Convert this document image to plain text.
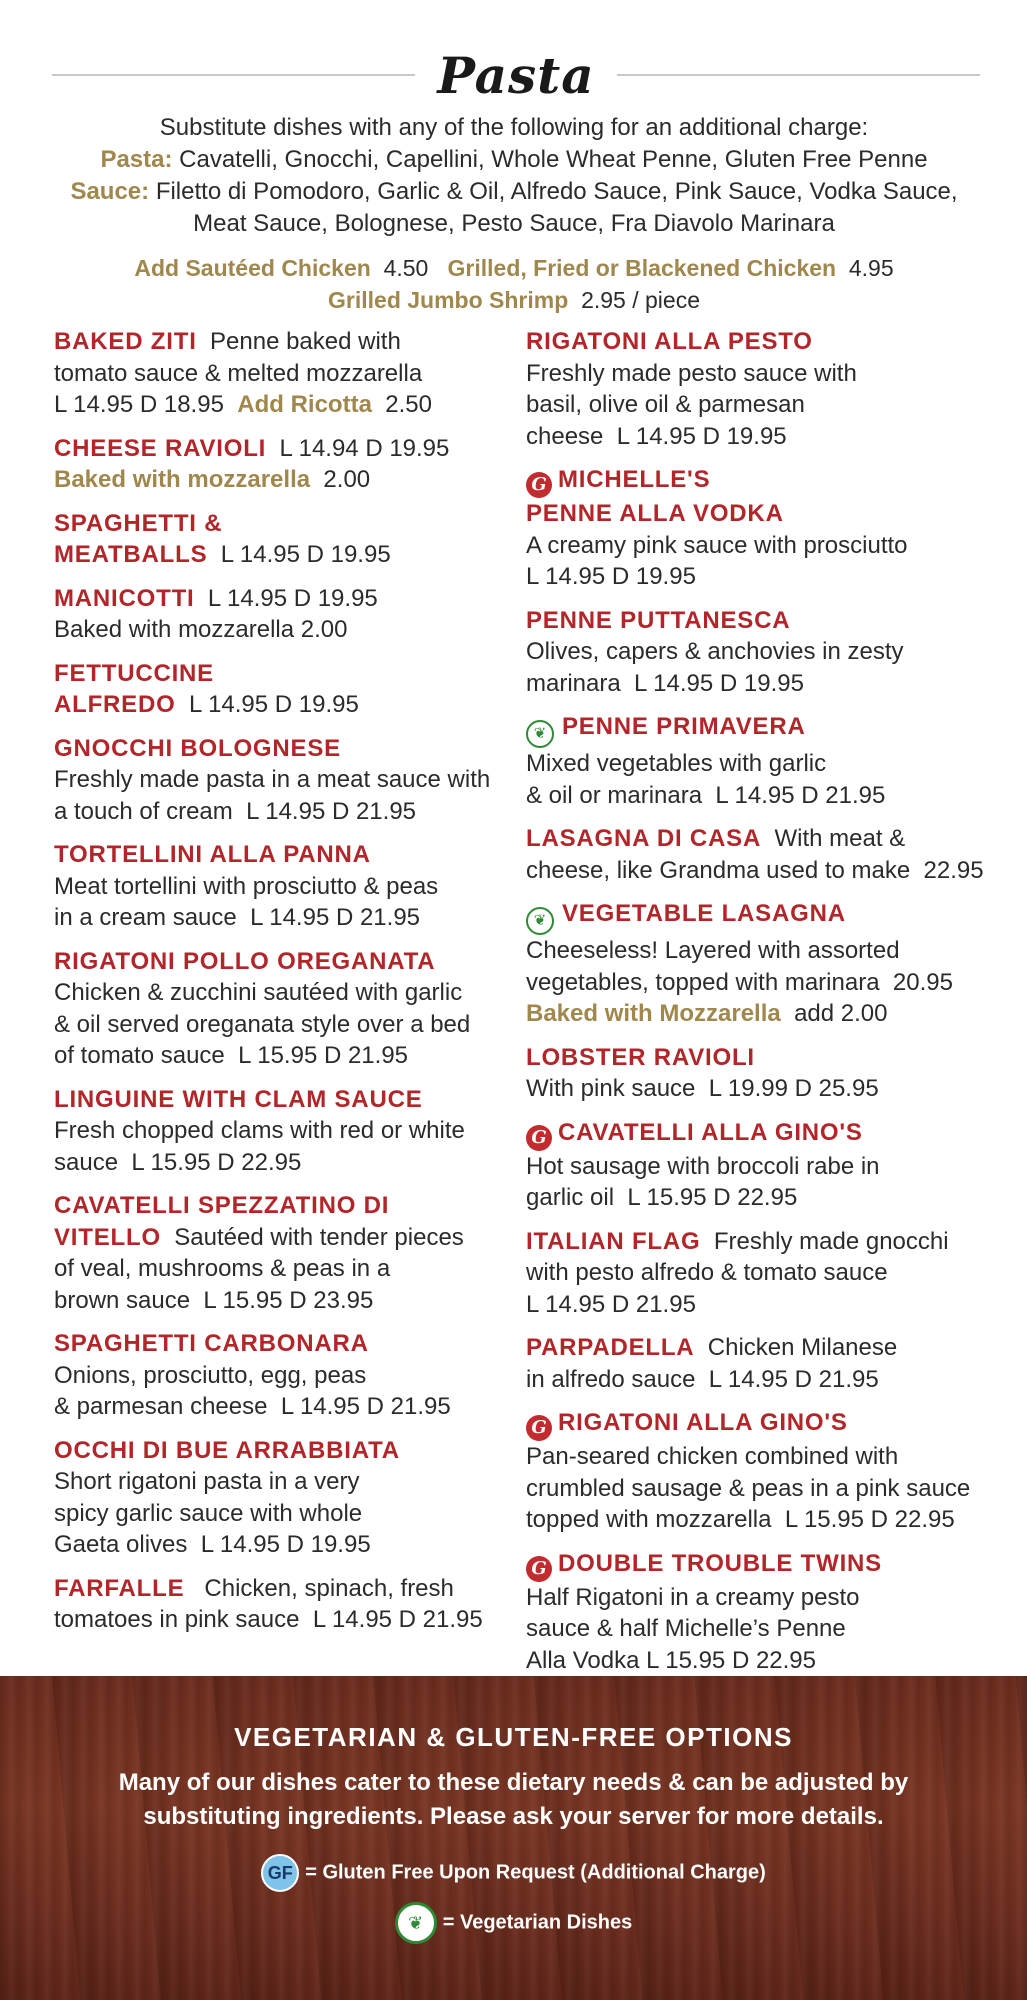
Pasta
Substitute dishes with any of the following for an additional charge:
Pasta: Cavatelli, Gnocchi, Capellini, Whole Wheat Penne, Gluten Free Penne
Sauce: Filetto di Pomodoro, Garlic & Oil, Alfredo Sauce, Pink Sauce, Vodka Sauce,
Meat Sauce, Bolognese, Pesto Sauce, Fra Diavolo Marinara
Add Sautéed Chicken 4.50 Grilled, Fried or Blackened Chicken 4.95
Grilled Jumbo Shrimp 2.95 / piece
BAKED ZITI Penne baked with
tomato sauce & melted mozzarella
L 14.95 D 18.95 Add Ricotta 2.50
CHEESE RAVIOLI L 14.94 D 19.95
Baked with mozzarella 2.00
SPAGHETTI &
MEATBALLS L 14.95 D 19.95
MANICOTTI L 14.95 D 19.95
Baked with mozzarella 2.00
FETTUCCINE
ALFREDO L 14.95 D 19.95
GNOCCHI BOLOGNESE
Freshly made pasta in a meat sauce with
a touch of cream L 14.95 D 21.95
TORTELLINI ALLA PANNA
Meat tortellini with prosciutto & peas
in a cream sauce L 14.95 D 21.95
RIGATONI POLLO OREGANATA
Chicken & zucchini sautéed with garlic
& oil served oreganata style over a bed
of tomato sauce L 15.95 D 21.95
LINGUINE WITH CLAM SAUCE
Fresh chopped clams with red or white
sauce L 15.95 D 22.95
CAVATELLI SPEZZATINO DI
VITELLO Sautéed with tender pieces
of veal, mushrooms & peas in a
brown sauce L 15.95 D 23.95
SPAGHETTI CARBONARA
Onions, prosciutto, egg, peas
& parmesan cheese L 14.95 D 21.95
OCCHI DI BUE ARRABBIATA
Short rigatoni pasta in a very
spicy garlic sauce with whole
Gaeta olives L 14.95 D 19.95
FARFALLE Chicken, spinach, fresh
tomatoes in pink sauce L 14.95 D 21.95
RIGATONI ALLA PESTO
Freshly made pesto sauce with
basil, olive oil & parmesan
cheese L 14.95 D 19.95
G MICHELLE'S
PENNE ALLA VODKA
A creamy pink sauce with prosciutto
L 14.95 D 19.95
PENNE PUTTANESCA
Olives, capers & anchovies in zesty
marinara L 14.95 D 19.95
❦ PENNE PRIMAVERA
Mixed vegetables with garlic
& oil or marinara L 14.95 D 21.95
LASAGNA DI CASA With meat &
cheese, like Grandma used to make 22.95
❦ VEGETABLE LASAGNA
Cheeseless! Layered with assorted
vegetables, topped with marinara 20.95
Baked with Mozzarella add 2.00
LOBSTER RAVIOLI
With pink sauce L 19.99 D 25.95
G CAVATELLI ALLA GINO'S
Hot sausage with broccoli rabe in
garlic oil L 15.95 D 22.95
ITALIAN FLAG Freshly made gnocchi
with pesto alfredo & tomato sauce
L 14.95 D 21.95
PARPADELLA Chicken Milanese
in alfredo sauce L 14.95 D 21.95
G RIGATONI ALLA GINO'S
Pan-seared chicken combined with
crumbled sausage & peas in a pink sauce
topped with mozzarella L 15.95 D 22.95
G DOUBLE TROUBLE TWINS
Half Rigatoni in a creamy pesto
sauce & half Michelle’s Penne
Alla Vodka L 15.95 D 22.95
VEGETARIAN & GLUTEN-FREE OPTIONS
Many of our dishes cater to these dietary needs & can be adjusted by
substituting ingredients. Please ask your server for more details.
GF = Gluten Free Upon Request (Additional Charge)
❦ = Vegetarian Dishes
